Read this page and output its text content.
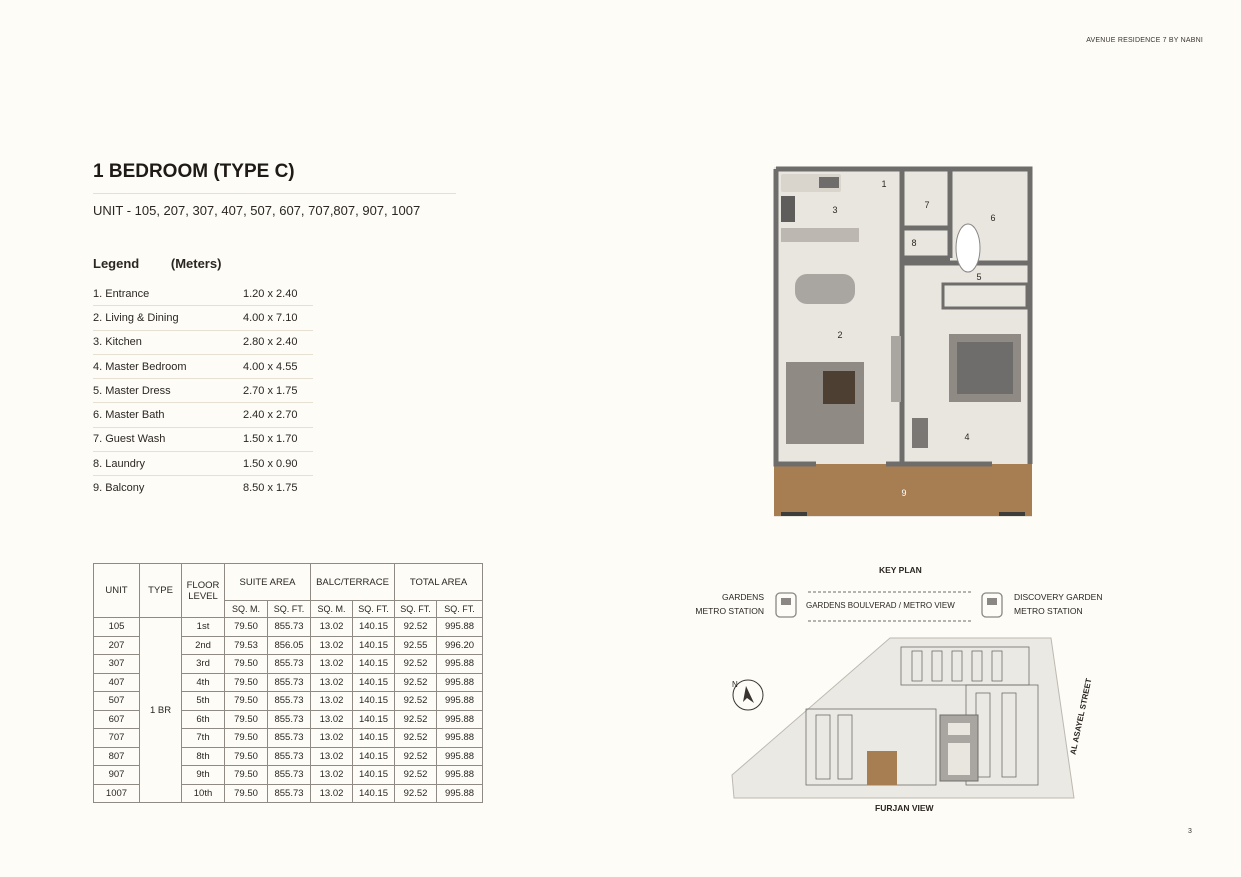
AVENUE RESIDENCE 7 BY NABNI
1 BEDROOM (TYPE C)
UNIT - 105, 207, 307, 407, 507, 607, 707,807, 907, 1007
Legend (Meters)
1. Entrance	1.20 x 2.40
2. Living & Dining	4.00 x 7.10
3. Kitchen	2.80 x 2.40
4. Master Bedroom	4.00 x 4.55
5. Master Dress	2.70 x 1.75
6. Master Bath	2.40 x 2.70
7. Guest Wash	1.50 x 1.70
8. Laundry	1.50 x 0.90
9. Balcony	8.50 x 1.75
UNIT	TYPE	FLOOR LEVEL	SUITE AREA		BALC/TERRACE		TOTAL AREA	
			SQ. M.	SQ. FT.	SQ. M.	SQ. FT.	SQ. FT.	SQ. FT.
105	1 BR	1st	79.50	855.73	13.02	140.15	92.52	995.88
207		2nd	79.53	856.05	13.02	140.15	92.55	996.20
307		3rd	79.50	855.73	13.02	140.15	92.52	995.88
407		4th	79.50	855.73	13.02	140.15	92.52	995.88
507		5th	79.50	855.73	13.02	140.15	92.52	995.88
607		6th	79.50	855.73	13.02	140.15	92.52	995.88
707		7th	79.50	855.73	13.02	140.15	92.52	995.88
807		8th	79.50	855.73	13.02	140.15	92.52	995.88
907		9th	79.50	855.73	13.02	140.15	92.52	995.88
1007		10th	79.50	855.73	13.02	140.15	92.52	995.88
1
2
3
4
5
6
7
8
9
KEY PLAN
GARDENS
METRO STATION
GARDENS BOULVERAD / METRO VIEW
DISCOVERY GARDEN
METRO STATION
N	AL ASAYEL STREET
FURJAN VIEW
3
